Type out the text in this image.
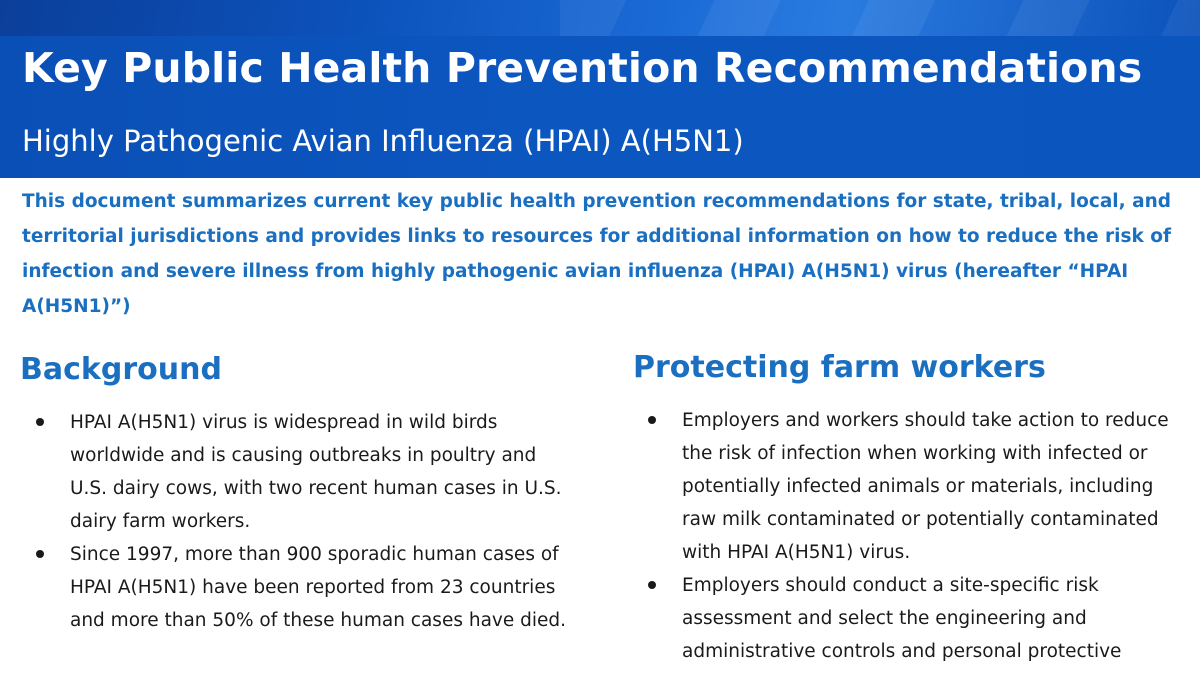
Key Public Health Prevention Recommendations
Highly Pathogenic Avian Influenza (HPAI) A(H5N1)

This document summarizes current key public health prevention recommendations for state, tribal, local, and territorial jurisdictions and provides links to resources for additional information on how to reduce the risk of infection and severe illness from highly pathogenic avian influenza (HPAI) A(H5N1) virus (hereafter “HPAI A(H5N1)”)

Background
HPAI A(H5N1) virus is widespread in wild birds worldwide and is causing outbreaks in poultry and U.S. dairy cows, with two recent human cases in U.S. dairy farm workers.
Since 1997, more than 900 sporadic human cases of HPAI A(H5N1) have been reported from 23 countries and more than 50% of these human cases have died.
Protecting farm workers
Employers and workers should take action to reduce the risk of infection when working with infected or potentially infected animals or materials, including raw milk contaminated or potentially contaminated with HPAI A(H5N1) virus.
Employers should conduct a site-specific risk assessment and select the engineering and administrative controls and personal protective
